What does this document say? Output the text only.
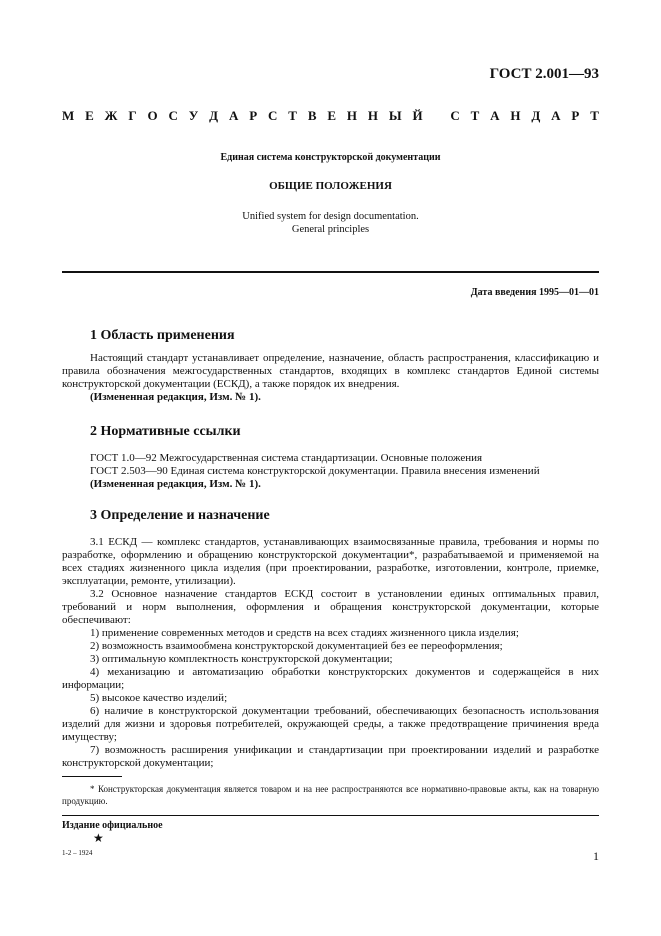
ГОСТ 2.001—93
М Е Ж Г О С У Д А Р С Т В Е Н Н Ы Й С Т А Н Д А Р Т
Единая система конструкторской документации
ОБЩИЕ ПОЛОЖЕНИЯ
Unified system for design documentation.
General principles
Дата введения 1995—01—01
1 Область применения

Настоящий стандарт устанавливает определение, назначение, область распространения, классификацию и правила обозначения межгосударственных стандартов, входящих в комплекс стандартов Единой системы конструкторской документации (ЕСКД), а также порядок их внедрения.

(Измененная редакция, Изм. № 1).

2 Нормативные ссылки

ГОСТ 1.0—92 Межгосударственная система стандартизации. Основные положения

ГОСТ 2.503—90 Единая система конструкторской документации. Правила внесения изменений

(Измененная редакция, Изм. № 1).

3 Определение и назначение

3.1 ЕСКД — комплекс стандартов, устанавливающих взаимосвязанные правила, требования и нормы по разработке, оформлению и обращению конструкторской документации*, разрабатываемой и применяемой на всех стадиях жизненного цикла изделия (при проектировании, разработке, изготовлении, контроле, приемке, эксплуатации, ремонте, утилизации).

3.2 Основное назначение стандартов ЕСКД состоит в установлении единых оптимальных правил, требований и норм выполнения, оформления и обращения конструкторской документации, которые обеспечивают:

1) применение современных методов и средств на всех стадиях жизненного цикла изделия;

2) возможность взаимообмена конструкторской документацией без ее переоформления;

3) оптимальную комплектность конструкторской документации;

4) механизацию и автоматизацию обработки конструкторских документов и содержащейся в них информации;

5) высокое качество изделий;

6) наличие в конструкторской документации требований, обеспечивающих безопасность использования изделий для жизни и здоровья потребителей, окружающей среды, а также предотвращение причинения вреда имуществу;

7) возможность расширения унификации и стандартизации при проектировании изделий и разработке конструкторской документации;

* Конструкторская документация является товаром и на нее распространяются все нормативно-правовые акты, как на товарную продукцию.

Издание официальное
★
1-2 – 1924	1
